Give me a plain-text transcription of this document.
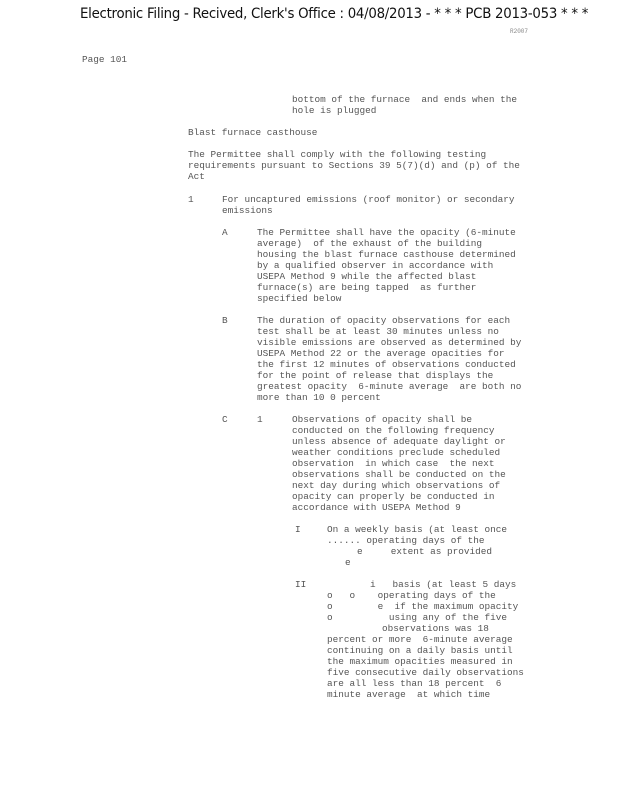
Electronic Filing - Recived, Clerk's Office : 04/08/2013 - * * * PCB 2013-053 * * *
R2007
Page 101
bottom of the furnace  and ends when the
hole is plugged
Blast furnace casthouse
The Permittee shall comply with the following testing
requirements pursuant to Sections 39 5(7)(d) and (p) of the
Act
1	For uncaptured emissions (roof monitor) or secondary
emissions
A	The Permittee shall have the opacity (6-minute
average)  of the exhaust of the building
housing the blast furnace casthouse determined
by a qualified observer in accordance with
USEPA Method 9 while the affected blast
furnace(s) are being tapped  as further
specified below
B	The duration of opacity observations for each
test shall be at least 30 minutes unless no
visible emissions are observed as determined by
USEPA Method 22 or the average opacities for
the first 12 minutes of observations conducted
for the point of release that displays the
greatest opacity  6-minute average  are both no
more than 10 0 percent
C	1	Observations of opacity shall be
conducted on the following frequency
unless absence of adequate daylight or
weather conditions preclude scheduled
observation  in which case  the next
observations shall be conducted on the
next day during which observations of
opacity can properly be conducted in
accordance with USEPA Method 9
I	On a weekly basis (at least once
...... operating days of the
e     extent as provided
e
II	i   basis (at least 5 days
o   o    operating days of the
o        e  if the maximum opacity
o          using any of the five
observations was 18
percent or more  6-minute average
continuing on a daily basis until
the maximum opacities measured in
five consecutive daily observations
are all less than 18 percent  6
minute average  at which time
